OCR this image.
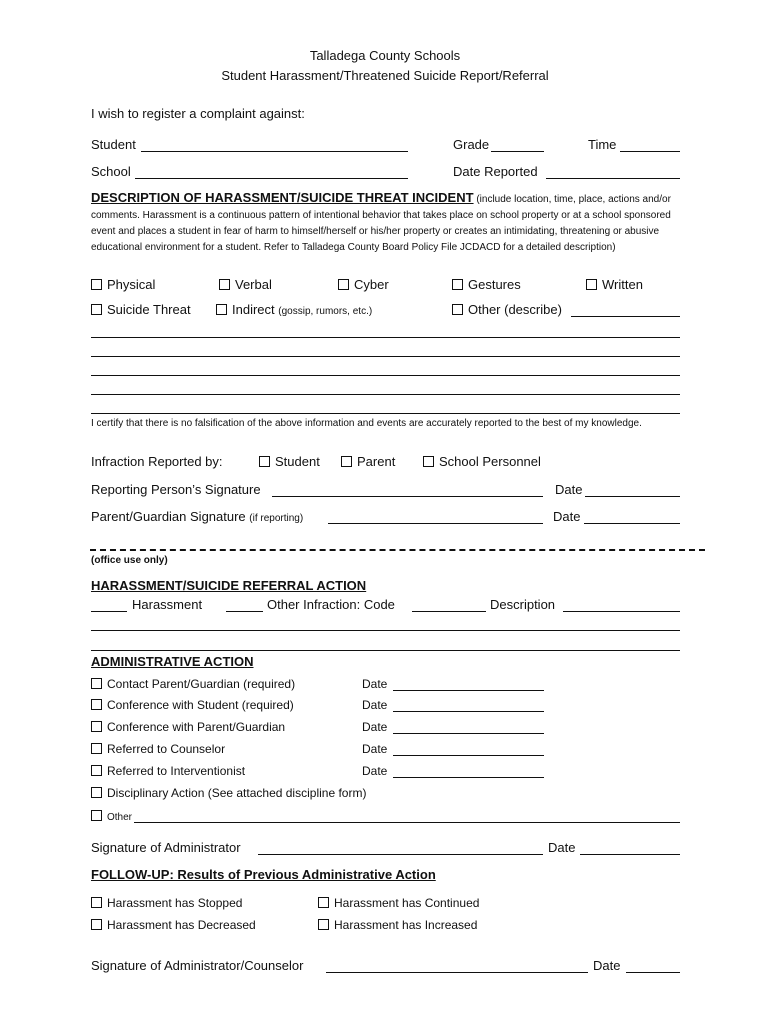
Talladega County Schools
Student Harassment/Threatened Suicide Report/Referral
I wish to register a complaint against:
Student	Grade	Time
School	Date Reported
DESCRIPTION OF HARASSMENT/SUICIDE THREAT INCIDENT (include location, time, place, actions and/or comments. Harassment is a continuous pattern of intentional behavior that takes place on school property or at a school sponsored event and places a student in fear of harm to himself/herself or his/her property or creates an intimidating, threatening or abusive educational environment for a student. Refer to Talladega County Board Policy File JCDACD for a detailed description)
Physical	Verbal	Cyber	Gestures	Written
Suicide Threat	Indirect (gossip, rumors, etc.)	Other (describe)
I certify that there is no falsification of the above information and events are accurately reported to the best of my knowledge.
Infraction Reported by:	Student	Parent	School Personnel
Reporting Person’s Signature	Date
Parent/Guardian Signature (if reporting)	Date
(office use only)
HARASSMENT/SUICIDE REFERRAL ACTION
Harassment	Other Infraction: Code	Description
ADMINISTRATIVE ACTION
Contact Parent/Guardian (required)	Date
Conference with Student (required)	Date
Conference with Parent/Guardian	Date
Referred to Counselor	Date
Referred to Interventionist	Date
Disciplinary Action (See attached discipline form)
Other
Signature of Administrator	Date
FOLLOW-UP: Results of Previous Administrative Action
Harassment has Stopped	Harassment has Continued
Harassment has Decreased	Harassment has Increased
Signature of Administrator/Counselor	Date
